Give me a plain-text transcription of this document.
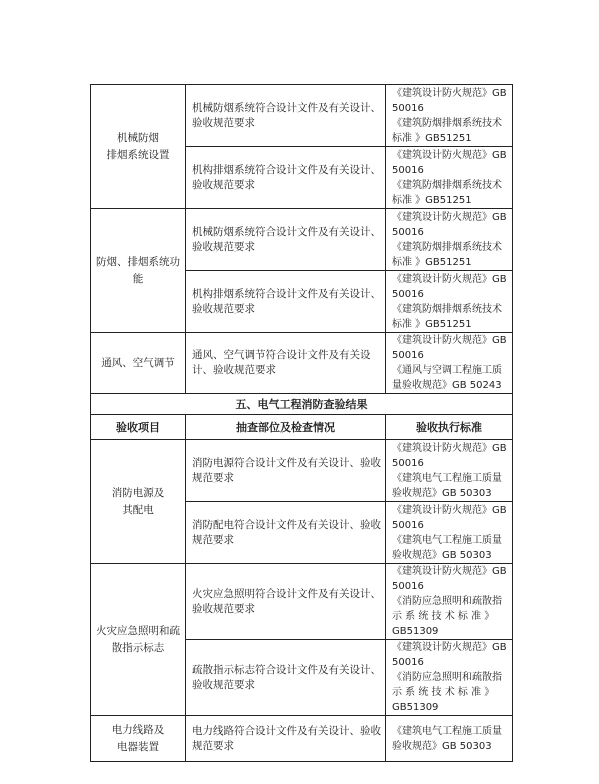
机械防烟
排烟系统设置	机械防烟系统符合设计文件及有关设计、验收规范要求	《建筑设计防火规范》GB
50016
《建筑防烟排烟系统技术
标准 》GB51251

	机构排烟系统符合设计文件及有关设计、验收规范要求	《建筑设计防火规范》GB
50016
《建筑防烟排烟系统技术
标准 》GB51251

防烟、排烟系统功能	机械防烟系统符合设计文件及有关设计、验收规范要求	《建筑设计防火规范》GB
50016
《建筑防烟排烟系统技术
标准 》GB51251

	机构排烟系统符合设计文件及有关设计、验收规范要求	《建筑设计防火规范》GB
50016
《建筑防烟排烟系统技术
标准 》GB51251

通风、空气调节	通风、空气调节符合设计文件及有关设计、验收规范要求	《建筑设计防火规范》GB
50016
《通风与空调工程施工质
量验收规范》GB 50243

五、电气工程消防查验结果		
验收项目	抽查部位及检查情况	验收执行标准
消防电源及
其配电	消防电源符合设计文件及有关设计、验收规范要求	《建筑设计防火规范》GB
50016
《建筑电气工程施工质量
验收规范》GB 50303

	消防配电符合设计文件及有关设计、验收规范要求	《建筑设计防火规范》GB
50016
《建筑电气工程施工质量
验收规范》GB 50303

火灾应急照明和疏散指示标志	火灾应急照明符合设计文件及有关设计、验收规范要求	《建筑设计防火规范》GB
50016
《消防应急照明和疏散指
示 系 统 技 术 标 准 》
GB51309

	疏散指示标志符合设计文件及有关设计、验收规范要求	《建筑设计防火规范》GB
50016
《消防应急照明和疏散指
示 系 统 技 术 标 准 》
GB51309

电力线路及
电器装置	电力线路符合设计文件及有关设计、验收规范要求	《建筑电气工程施工质量
验收规范》GB 50303
